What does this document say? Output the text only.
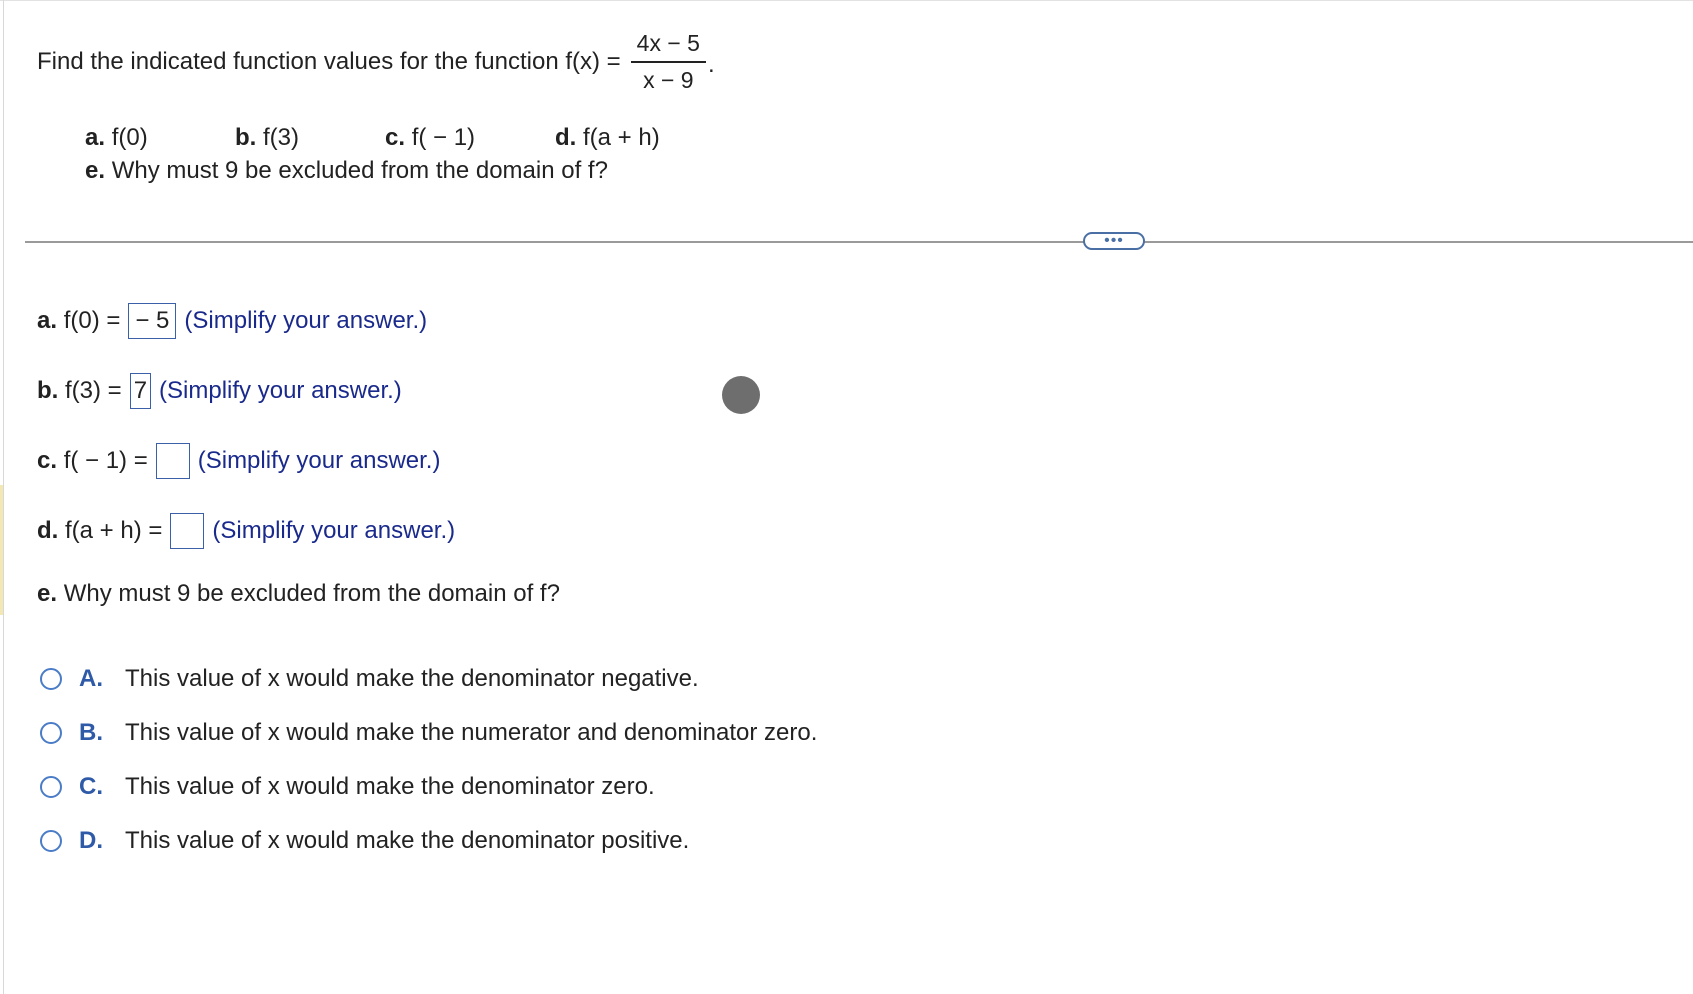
Find the indicated function values for the function $f(x) = \frac{4x - 5}{x - 9}$ .
a. f(0)	b. f(3)	c. f( − 1)	d. f(a + h)
e. Why must 9 be excluded from the domain of f?
•••
a.
f(0) = − 5 (Simplify your answer.)
b.
f(3) = 7 (Simplify your answer.)
c.
f( − 1) = (Simplify your answer.)
d.
f(a + h) = (Simplify your answer.)
e. Why must 9 be excluded from the domain of f?
A. This value of x would make the denominator negative.
B. This value of x would make the numerator and denominator zero.
C. This value of x would make the denominator zero.
D. This value of x would make the denominator positive.
